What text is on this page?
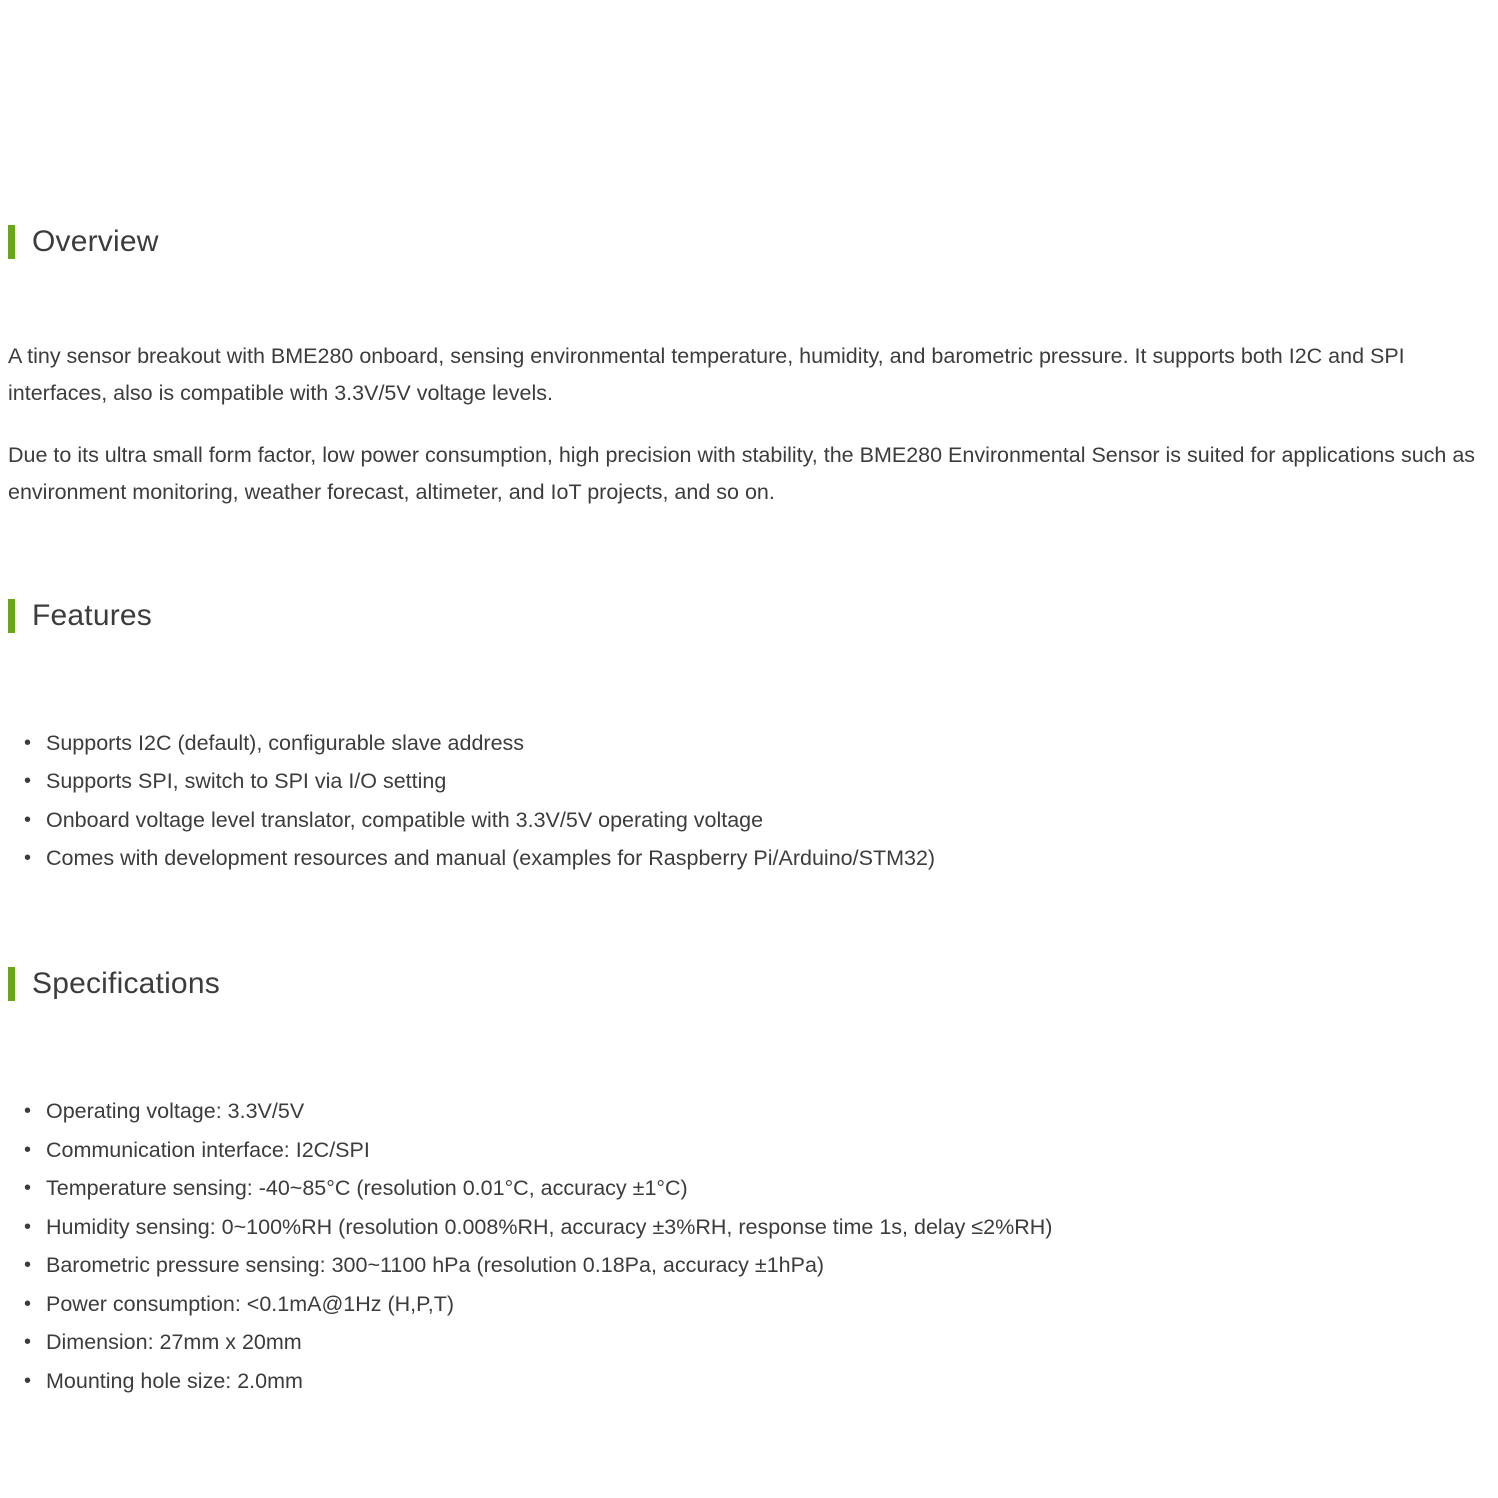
Overview

A tiny sensor breakout with BME280 onboard, sensing environmental temperature, humidity, and barometric pressure. It supports both I2C and SPI interfaces, also is compatible with 3.3V/5V voltage levels.

Due to its ultra small form factor, low power consumption, high precision with stability, the BME280 Environmental Sensor is suited for applications such as environment monitoring, weather forecast, altimeter, and IoT projects, and so on.

Features
• Supports I2C (default), configurable slave address
• Supports SPI, switch to SPI via I/O setting
• Onboard voltage level translator, compatible with 3.3V/5V operating voltage
• Comes with development resources and manual (examples for Raspberry Pi/Arduino/STM32)
Specifications
• Operating voltage: 3.3V/5V
• Communication interface: I2C/SPI
• Temperature sensing: -40~85°C (resolution 0.01°C, accuracy ±1°C)
• Humidity sensing: 0~100%RH (resolution 0.008%RH, accuracy ±3%RH, response time 1s, delay ≤2%RH)
• Barometric pressure sensing: 300~1100 hPa (resolution 0.18Pa, accuracy ±1hPa)
• Power consumption: <0.1mA@1Hz (H,P,T)
• Dimension: 27mm x 20mm
• Mounting hole size: 2.0mm
